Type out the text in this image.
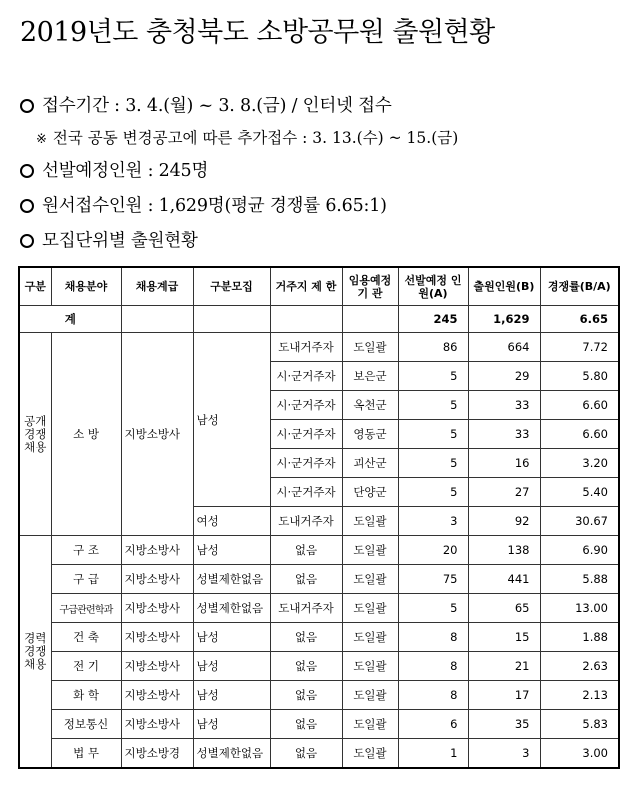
2019년도 충청북도 소방공무원 출원현황
접수기간 : 3. 4.(월) ~ 3. 8.(금) / 인터넷 접수
※ 전국 공동 변경공고에 따른 추가접수 : 3. 13.(수) ~ 15.(금)
선발예정인원 : 245명
원서접수인원 : 1,629명(평균 경쟁률 6.65:1)
모집단위별 출원현황
구분	채용분야	채용계급	구분모집	거주지 제 한	임용예정 기 관	선발예정 인 원(A)	출원인원(B)	경쟁률(B/A)
계						245	1,629	6.65
공개경쟁채용	소 방	지방소방사	남성	도내거주자	도일괄	86	664	7.72
				시·군거주자	보은군	5	29	5.80
				시·군거주자	옥천군	5	33	6.60
				시·군거주자	영동군	5	33	6.60
				시·군거주자	괴산군	5	16	3.20
				시·군거주자	단양군	5	27	5.40
			여성	도내거주자	도일괄	3	92	30.67
경력경쟁채용	구 조	지방소방사	남성	없음	도일괄	20	138	6.90
	구 급	지방소방사	성별제한없음	없음	도일괄	75	441	5.88
	구급관련학과	지방소방사	성별제한없음	도내거주자	도일괄	5	65	13.00
	건 축	지방소방사	남성	없음	도일괄	8	15	1.88
	전 기	지방소방사	남성	없음	도일괄	8	21	2.63
	화 학	지방소방사	남성	없음	도일괄	8	17	2.13
	정보통신	지방소방사	남성	없음	도일괄	6	35	5.83
	법 무	지방소방경	성별제한없음	없음	도일괄	1	3	3.00
